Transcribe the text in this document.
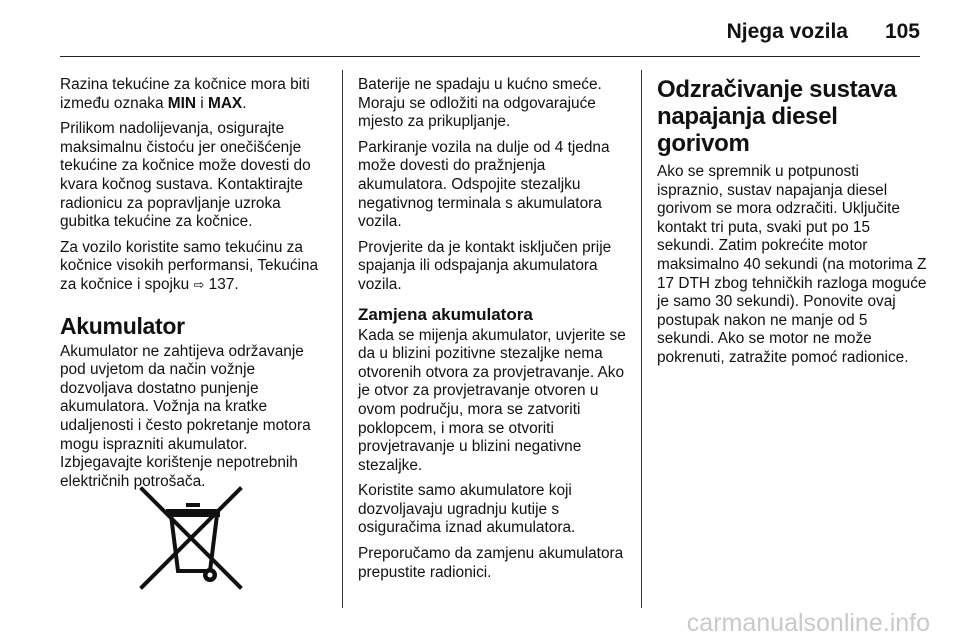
Njega vozila 105

Razina tekućine za kočnice mora biti između oznaka MIN i MAX.

Prilikom nadolijevanja, osigurajte maksimalnu čistoću jer onečišćenje tekućine za kočnice može dovesti do kvara kočnog sustava. Kontaktirajte radionicu za popravljanje uzroka gubitka tekućine za kočnice.

Za vozilo koristite samo tekućinu za kočnice visokih performansi, Tekućina za kočnice i spojku ⇨ 137.

Akumulator

Akumulator ne zahtijeva održavanje pod uvjetom da način vožnje dozvoljava dostatno punjenje akumulatora. Vožnja na kratke udaljenosti i često pokretanje motora mogu isprazniti akumulator. Izbjegavajte korištenje nepotrebnih električnih potrošača.

Baterije ne spadaju u kućno smeće. Moraju se odložiti na odgovarajuće mjesto za prikupljanje.

Parkiranje vozila na dulje od 4 tjedna može dovesti do pražnjenja akumulatora. Odspojite stezaljku negativnog terminala s akumulatora vozila.

Provjerite da je kontakt isključen prije spajanja ili odspajanja akumulatora vozila.

Zamjena akumulatora

Kada se mijenja akumulator, uvjerite se da u blizini pozitivne stezaljke nema otvorenih otvora za provjetravanje. Ako je otvor za provjetravanje otvoren u ovom području, mora se zatvoriti poklopcem, i mora se otvoriti provjetravanje u blizini negativne stezaljke.

Koristite samo akumulatore koji dozvoljavaju ugradnju kutije s osiguračima iznad akumulatora.

Preporučamo da zamjenu akumulatora prepustite radionici.

Odzračivanje sustava napajanja diesel gorivom

Ako se spremnik u potpunosti ispraznio, sustav napajanja diesel gorivom se mora odzračiti. Uključite kontakt tri puta, svaki put po 15 sekundi. Zatim pokrećite motor maksimalno 40 sekundi (na motorima Z 17 DTH zbog tehničkih razloga moguće je samo 30 sekundi). Ponovite ovaj postupak nakon ne manje od 5 sekundi. Ako se motor ne može pokrenuti, zatražite pomoć radionice.

carmanualsonline.info
